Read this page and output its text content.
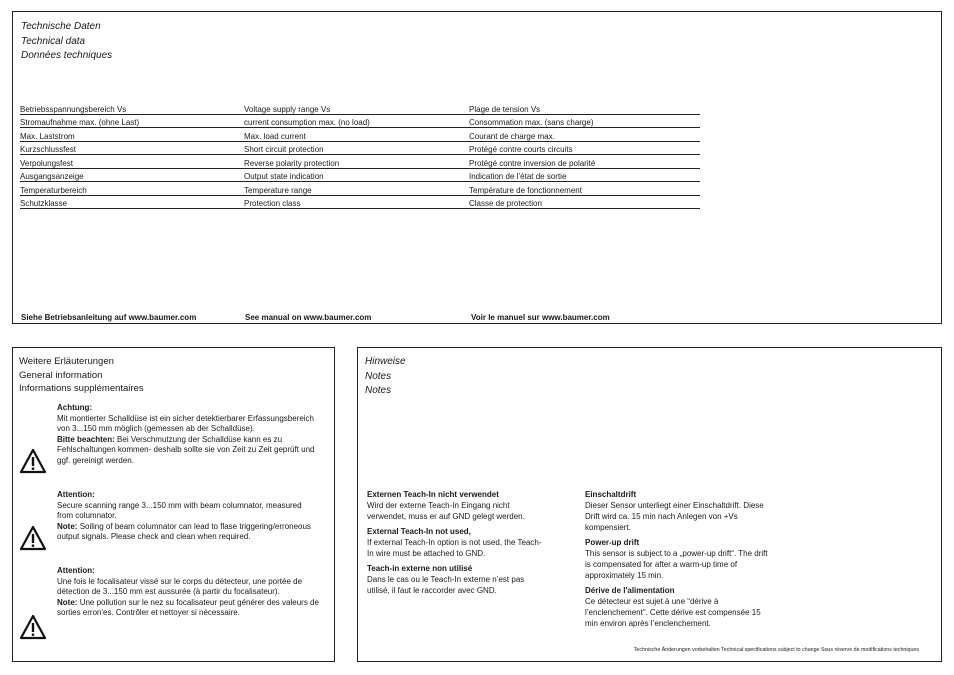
Technische Daten
Technical data
Données techniques
Betriebsspannungsbereich Vs	Voltage supply range Vs	Plage de tension Vs
Stromaufnahme max. (ohne Last)	current consumption max. (no load)	Consommation max. (sans charge)
Max. Laststrom	Max. load current	Courant de charge max.
Kurzschlussfest	Short circuit protection	Protégé contre courts circuits
Verpolungsfest	Reverse polarity protection	Protégé contre inversion de polarité
Ausgangsanzeige	Output state indication	Indication de l’état de sortie
Temperaturbereich	Temperature range	Température de fonctionnement
Schutzklasse	Protection class	Classe de protection
Siehe Betriebsanleitung auf www.baumer.com	See manual on www.baumer.com	Voir le manuel sur www.baumer.com
Weitere Erläuterungen
General information
Informations supplémentaires
Achtung:
Mit montierter Schalldüse ist ein sicher detektierbarer Erfassungsbereich von 3...150 mm möglich (gemessen ab der Schalldüse).
Bitte beachten: Bei Verschmutzung der Schalldüse kann es zu Fehlschaltungen kommen- deshalb sollte sie von Zeit zu Zeit geprüft und ggf. gereinigt werden.
Attention:
Secure scanning range 3...150 mm with beam columnator, measured from columnator.
Note: Soiling of beam columnator can lead to flase triggering/erroneous output signals. Please check and clean when required.
Attention:
Une fois le focalisateur vissé sur le corps du détecteur, une portée de détection de 3...150 mm est aussurée (à partir du focalisateur).
Note: Une pollution sur le nez su focalisateur peut générer des valeurs de sorties erron'es. Contrôler et nettoyer si nécessaire.
Hinweise
Notes
Notes
Externen Teach-In nicht verwendet
Wird der externe Teach-In Eingang nicht verwendet, muss er auf GND gelegt werden.
External Teach-In not used,
If external Teach-In option is not used, the Teach-In wire must be attached to GND.
Teach-in externe non utilisé
Dans le cas ou le Teach-In externe n’est pas utilisé, il faut le raccorder avec GND.
Einschaltdrift
Dieser Sensor unterliegt einer Einschaltdrift. Diese Drift wird ca. 15 min nach Anlegen von +Vs kompensiert.
Power-up drift
This sensor is subject to a „power-up drift“. The drift is compensated for after a warm-up time of approximately 15 min.
Dérive de l'alimentation
Ce détecteur est sujet à une “dérive à l’enclenchement”. Cette dérive est compensée 15 min environ après l’enclenchement.
Technische Änderungen vorbehalten Technical specifications subject to change Sous réserve de modifications techniques
